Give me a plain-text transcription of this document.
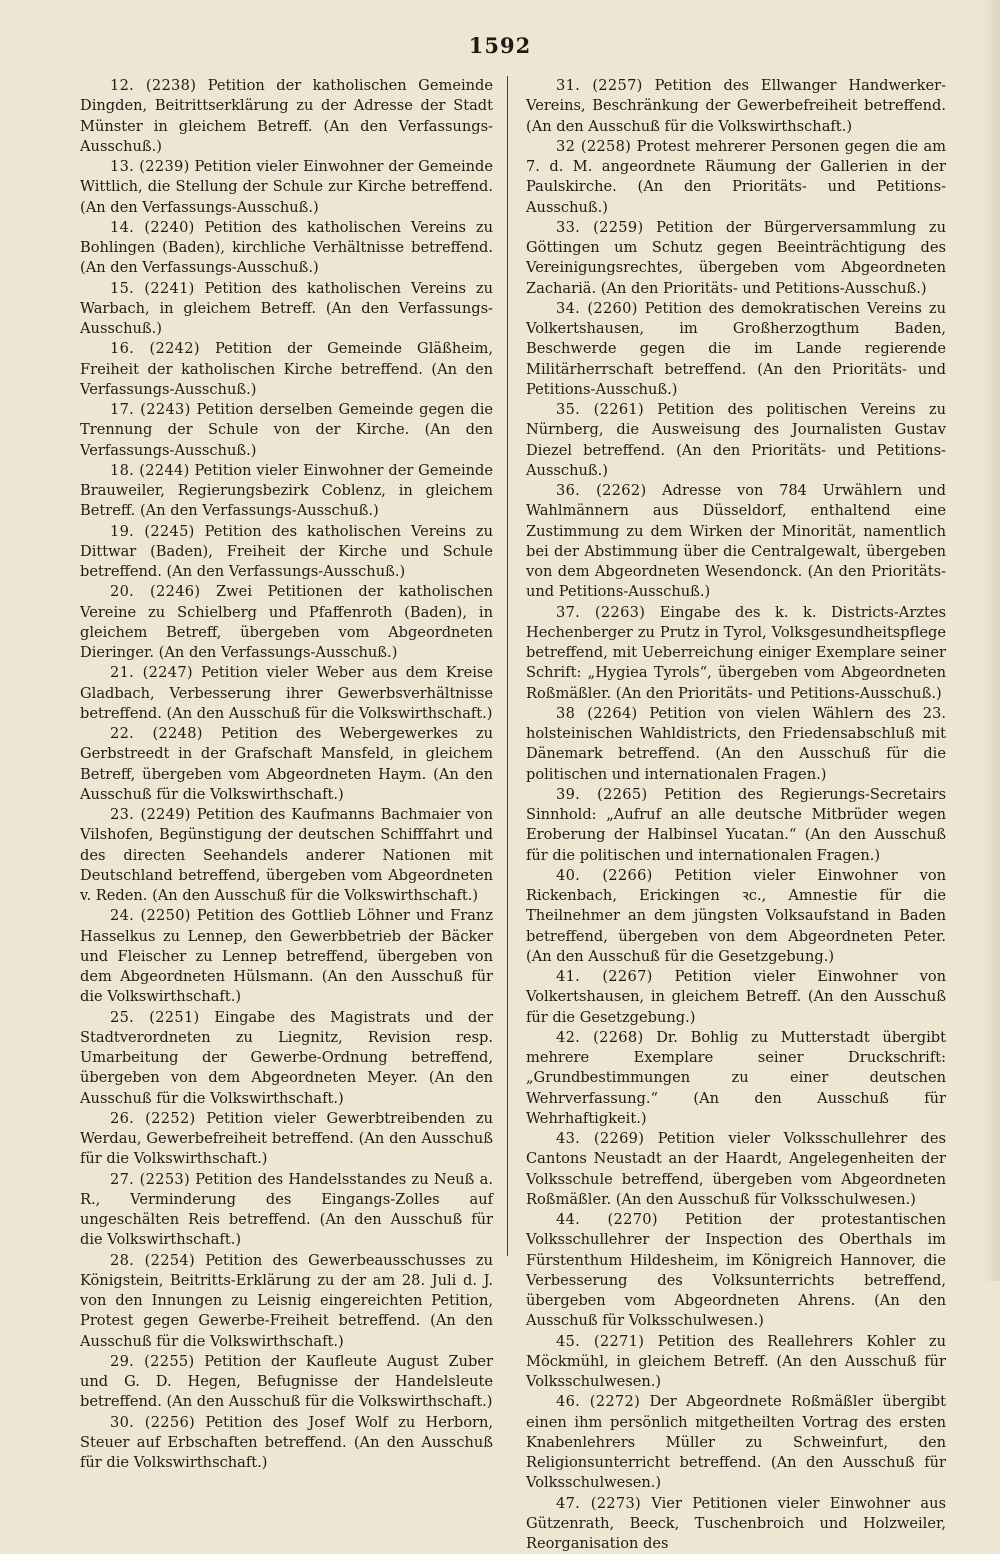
1592

12. (2238) Petition der katholischen Gemeinde Dingden, Beitrittserklärung zu der Adresse der Stadt Münster in gleichem Betreff. (An den Verfassungs-Ausschuß.)

13. (2239) Petition vieler Einwohner der Gemeinde Wittlich, die Stellung der Schule zur Kirche betreffend. (An den Verfassungs-Ausschuß.)

14. (2240) Petition des katholischen Vereins zu Bohlingen (Baden), kirchliche Verhältnisse betreffend. (An den Verfassungs-Ausschuß.)

15. (2241) Petition des katholischen Vereins zu Warbach, in gleichem Betreff. (An den Verfassungs-Ausschuß.)

16. (2242) Petition der Gemeinde Gläßheim, Freiheit der katholischen Kirche betreffend. (An den Verfassungs-Ausschuß.)

17. (2243) Petition derselben Gemeinde gegen die Trennung der Schule von der Kirche. (An den Verfassungs-Ausschuß.)

18. (2244) Petition vieler Einwohner der Gemeinde Brauweiler, Regierungsbezirk Coblenz, in gleichem Betreff. (An den Verfassungs-Ausschuß.)

19. (2245) Petition des katholischen Vereins zu Dittwar (Baden), Freiheit der Kirche und Schule betreffend. (An den Verfassungs-Ausschuß.)

20. (2246) Zwei Petitionen der katholischen Vereine zu Schielberg und Pfaffenroth (Baden), in gleichem Betreff, übergeben vom Abgeordneten Dieringer. (An den Verfassungs-Ausschuß.)

21. (2247) Petition vieler Weber aus dem Kreise Gladbach, Verbesserung ihrer Gewerbsverhältnisse betreffend. (An den Ausschuß für die Volkswirthschaft.)

22. (2248) Petition des Webergewerkes zu Gerbstreedt in der Grafschaft Mansfeld, in gleichem Betreff, übergeben vom Abgeordneten Haym. (An den Ausschuß für die Volkswirthschaft.)

23. (2249) Petition des Kaufmanns Bachmaier von Vilshofen, Begünstigung der deutschen Schifffahrt und des directen Seehandels anderer Nationen mit Deutschland betreffend, übergeben vom Abgeordneten v. Reden. (An den Ausschuß für die Volkswirthschaft.)

24. (2250) Petition des Gottlieb Löhner und Franz Hasselkus zu Lennep, den Gewerbbetrieb der Bäcker und Fleischer zu Lennep betreffend, übergeben von dem Abgeordneten Hülsmann. (An den Ausschuß für die Volkswirthschaft.)

25. (2251) Eingabe des Magistrats und der Stadtverordneten zu Liegnitz, Revision resp. Umarbeitung der Gewerbe-Ordnung betreffend, übergeben von dem Abgeordneten Meyer. (An den Ausschuß für die Volkswirthschaft.)

26. (2252) Petition vieler Gewerbtreibenden zu Werdau, Gewerbefreiheit betreffend. (An den Ausschuß für die Volkswirthschaft.)

27. (2253) Petition des Handelsstandes zu Neuß a. R., Verminderung des Eingangs-Zolles auf ungeschälten Reis betreffend. (An den Ausschuß für die Volkswirthschaft.)

28. (2254) Petition des Gewerbeausschusses zu Königstein, Beitritts-Erklärung zu der am 28. Juli d. J. von den Innungen zu Leisnig eingereichten Petition, Protest gegen Gewerbe-Freiheit betreffend. (An den Ausschuß für die Volkswirthschaft.)

29. (2255) Petition der Kaufleute August Zuber und G. D. Hegen, Befugnisse der Handelsleute betreffend. (An den Ausschuß für die Volkswirthschaft.)

30. (2256) Petition des Josef Wolf zu Herborn, Steuer auf Erbschaften betreffend. (An den Ausschuß für die Volkswirthschaft.)

31. (2257) Petition des Ellwanger Handwerker-Vereins, Beschränkung der Gewerbefreiheit betreffend. (An den Ausschuß für die Volkswirthschaft.)

32 (2258) Protest mehrerer Personen gegen die am 7. d. M. angeordnete Räumung der Gallerien in der Paulskirche. (An den Prioritäts- und Petitions-Ausschuß.)

33. (2259) Petition der Bürgerversammlung zu Göttingen um Schutz gegen Beeinträchtigung des Vereinigungsrechtes, übergeben vom Abgeordneten Zachariä. (An den Prioritäts- und Petitions-Ausschuß.)

34. (2260) Petition des demokratischen Vereins zu Volkertshausen, im Großherzogthum Baden, Beschwerde gegen die im Lande regierende Militärherrschaft betreffend. (An den Prioritäts- und Petitions-Ausschuß.)

35. (2261) Petition des politischen Vereins zu Nürnberg, die Ausweisung des Journalisten Gustav Diezel betreffend. (An den Prioritäts- und Petitions-Ausschuß.)

36. (2262) Adresse von 784 Urwählern und Wahlmännern aus Düsseldorf, enthaltend eine Zustimmung zu dem Wirken der Minorität, namentlich bei der Abstimmung über die Centralgewalt, übergeben von dem Abgeordneten Wesendonck. (An den Prioritäts- und Petitions-Ausschuß.)

37. (2263) Eingabe des k. k. Districts-Arztes Hechenberger zu Prutz in Tyrol, Volksgesundheitspflege betreffend, mit Ueberreichung einiger Exemplare seiner Schrift: „Hygiea Tyrols“, übergeben vom Abgeordneten Roßmäßler. (An den Prioritäts- und Petitions-Ausschuß.)

38 (2264) Petition von vielen Wählern des 23. holsteinischen Wahldistricts, den Friedensabschluß mit Dänemark betreffend. (An den Ausschuß für die politischen und internationalen Fragen.)

39. (2265) Petition des Regierungs-Secretairs Sinnhold: „Aufruf an alle deutsche Mitbrüder wegen Eroberung der Halbinsel Yucatan.“ (An den Ausschuß für die politischen und internationalen Fragen.)

40. (2266) Petition vieler Einwohner von Rickenbach, Erickingen ꝛc., Amnestie für die Theilnehmer an dem jüngsten Volksaufstand in Baden betreffend, übergeben von dem Abgeordneten Peter. (An den Ausschuß für die Gesetzgebung.)

41. (2267) Petition vieler Einwohner von Volkertshausen, in gleichem Betreff. (An den Ausschuß für die Gesetzgebung.)

42. (2268) Dr. Bohlig zu Mutterstadt übergibt mehrere Exemplare seiner Druckschrift: „Grundbestimmungen zu einer deutschen Wehrverfassung.“ (An den Ausschuß für Wehrhaftigkeit.)

43. (2269) Petition vieler Volksschullehrer des Cantons Neustadt an der Haardt, Angelegenheiten der Volksschule betreffend, übergeben vom Abgeordneten Roßmäßler. (An den Ausschuß für Volksschulwesen.)

44. (2270) Petition der protestantischen Volksschullehrer der Inspection des Oberthals im Fürstenthum Hildesheim, im Königreich Hannover, die Verbesserung des Volksunterrichts betreffend, übergeben vom Abgeordneten Ahrens. (An den Ausschuß für Volksschulwesen.)

45. (2271) Petition des Reallehrers Kohler zu Möckmühl, in gleichem Betreff. (An den Ausschuß für Volksschulwesen.)

46. (2272) Der Abgeordnete Roßmäßler übergibt einen ihm persönlich mitgetheilten Vortrag des ersten Knabenlehrers Müller zu Schweinfurt, den Religionsunterricht betreffend. (An den Ausschuß für Volksschulwesen.)

47. (2273) Vier Petitionen vieler Einwohner aus Gützenrath, Beeck, Tuschenbroich und Holzweiler, Reorganisation des
